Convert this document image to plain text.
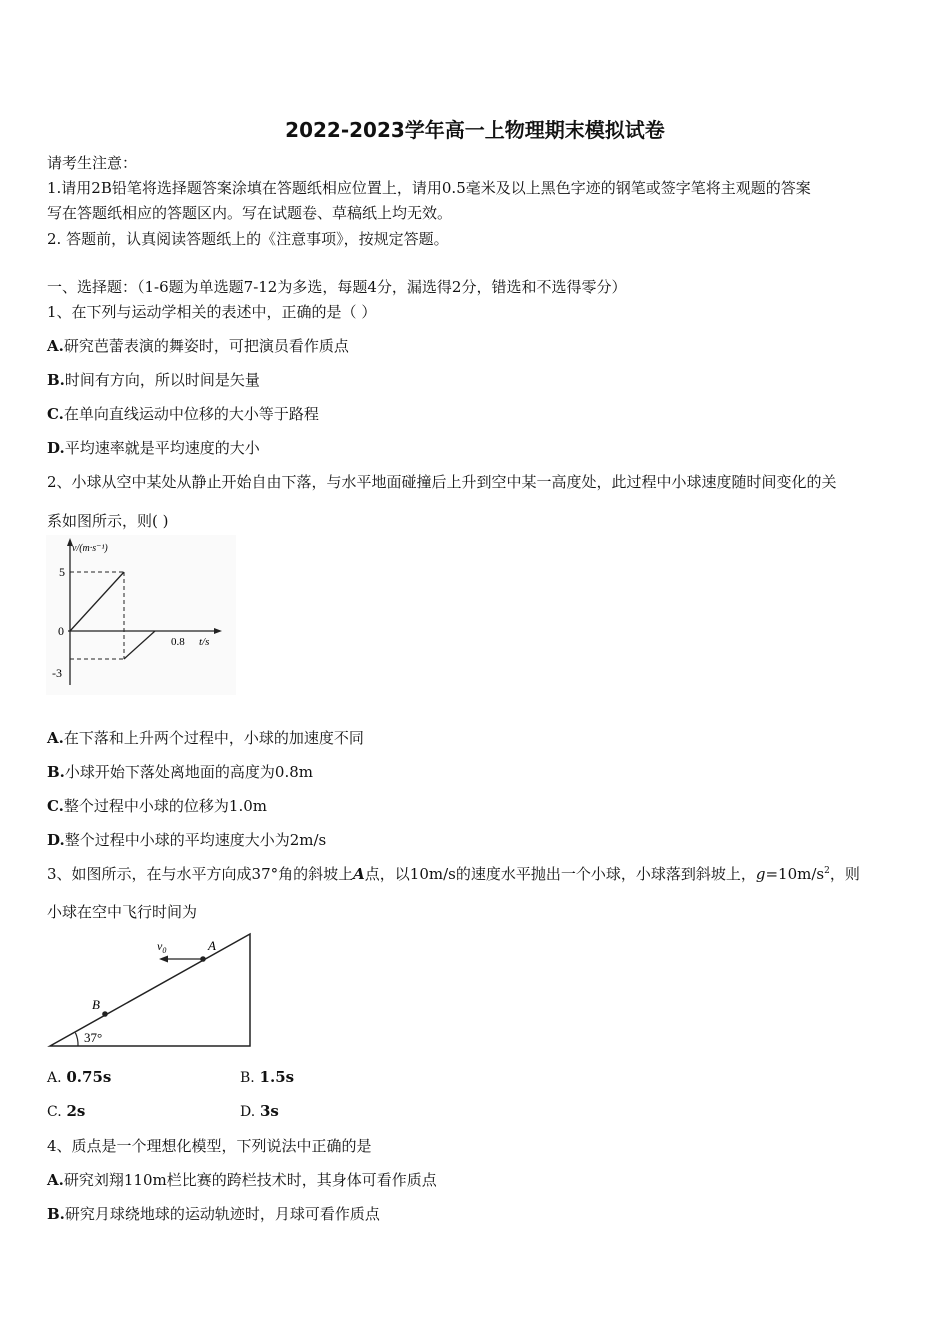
2022-2023学年高一上物理期末模拟试卷
请考生注意：
1.请用2B铅笔将选择题答案涂填在答题纸相应位置上，请用0.5毫米及以上黑色字迹的钢笔或签字笔将主观题的答案
写在答题纸相应的答题区内。写在试题卷、草稿纸上均无效。
2. 答题前，认真阅读答题纸上的《注意事项》，按规定答题。
一、选择题：（1-6题为单选题7-12为多选，每题4分，漏选得2分，错选和不选得零分）
1、在下列与运动学相关的表述中，正确的是（ ）
A.研究芭蕾表演的舞姿时，可把演员看作质点
B.时间有方向，所以时间是矢量
C.在单向直线运动中位移的大小等于路程
D.平均速率就是平均速度的大小
2、小球从空中某处从静止开始自由下落，与水平地面碰撞后上升到空中某一高度处，此过程中小球速度随时间变化的关
系如图所示，则( )
v/(m·s⁻¹)
5
0
-3
0.8 t/s
A.在下落和上升两个过程中，小球的加速度不同
B.小球开始下落处离地面的高度为0.8m
C.整个过程中小球的位移为1.0m
D.整个过程中小球的平均速度大小为2m/s
3、如图所示，在与水平方向成37°角的斜坡上A点，以10m/s的速度水平抛出一个小球，小球落到斜坡上，$g=10m/s^2$，则
小球在空中飞行时间为
37°
A
B
$v_0$
A. 0.75s	B. 1.5s
C. 2s	D. 3s
4、质点是一个理想化模型，下列说法中正确的是
A.研究刘翔110m栏比赛的跨栏技术时，其身体可看作质点
B.研究月球绕地球的运动轨迹时，月球可看作质点
